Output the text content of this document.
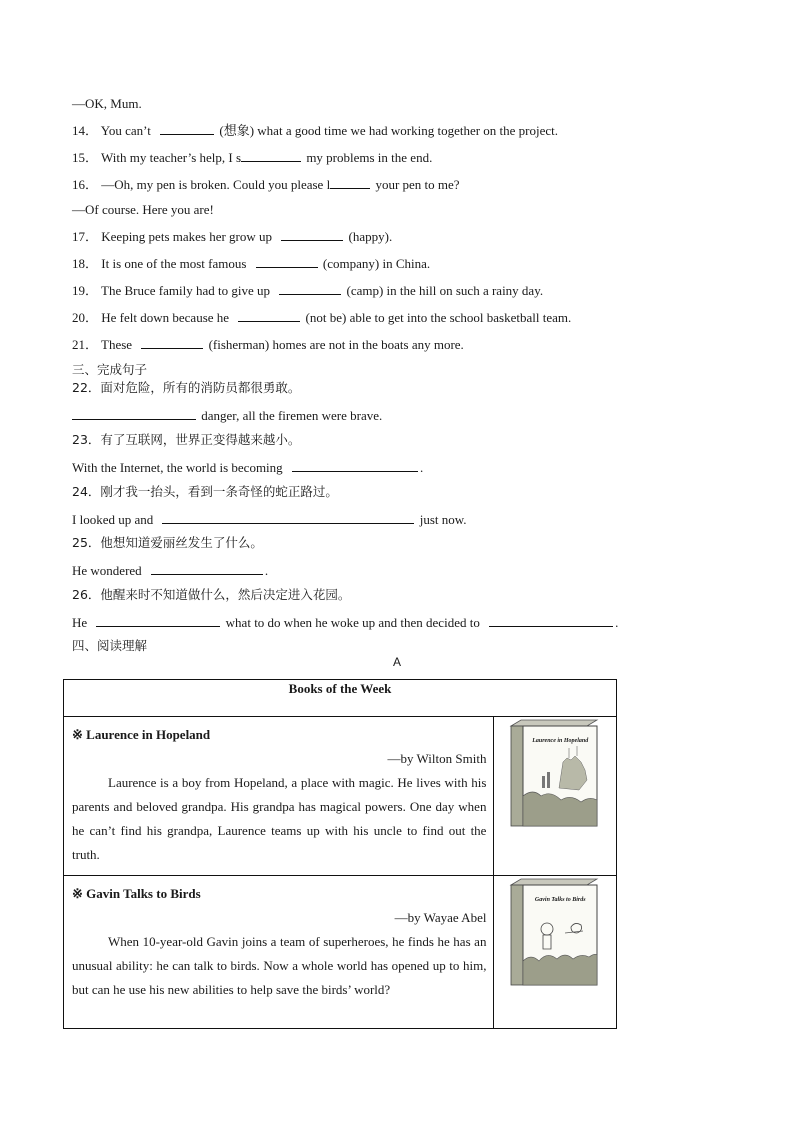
—OK, Mum.
14． You can’t	(想象) what a good time we had working together on the project.
15． With my teacher’s help, I s	my problems in the end.
16． —Oh, my pen is broken. Could you please l	your pen to me?
—Of course. Here you are!
17． Keeping pets makes her grow up	(happy).
18． It is one of the most famous	(company) in China.
19． The Bruce family had to give up	(camp) in the hill on such a rainy day.
20． He felt down because he	(not be) able to get into the school basketball team.
21． These	(fisherman) homes are not in the boats any more.
三、完成句子
22．面对危险，所有的消防员都很勇敢。
danger, all the firemen were brave.
23．有了互联网，世界正变得越来越小。
With the Internet, the world is becoming	.
24．刚才我一抬头，看到一条奇怪的蛇正路过。
I looked up and	just now.
25．他想知道爱丽丝发生了什么。
He wondered	.
26．他醒来时不知道做什么，然后决定进入花园。
He	what to do when he woke up and then decided to	.
四、阅读理解
A
Books of the Week	

※ Laurence in Hopeland
—by Wilton Smith
Laurence is a boy from Hopeland, a place with magic. He lives with his parents and beloved grandpa. His grandpa has magical powers. One day when he can’t find his grandpa, Laurence teams up with his uncle to find out the truth.	Laurence in Hopeland

※ Gavin Talks to Birds
—by Wayae Abel
When 10-year-old Gavin joins a team of superheroes, he finds he has an unusual ability: he can talk to birds. Now a whole world has opened up to him, but can he use his new abilities to help save the birds’ world?	Gavin Talks to Birds
